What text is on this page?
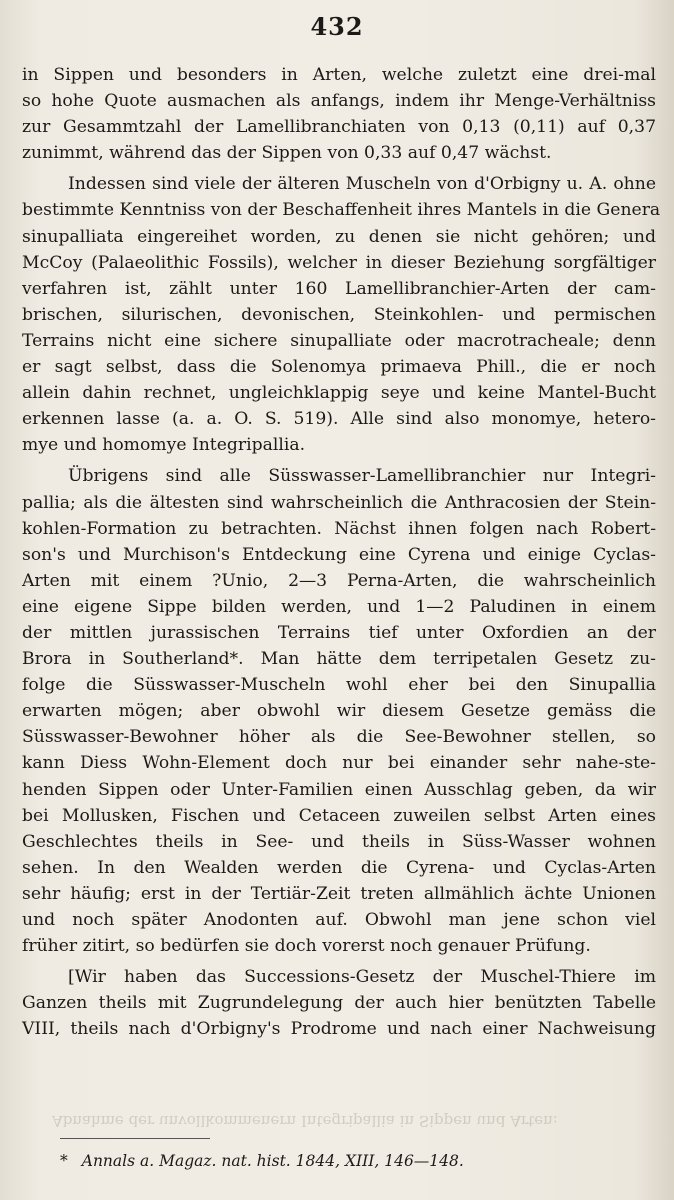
432

in Sippen und besonders in Arten, welche zuletzt eine drei-mal
so hohe Quote ausmachen als anfangs, indem ihr Menge-Verhältniss
zur Gesammtzahl der Lamellibranchiaten von 0,13 (0,11) auf 0,37
zunimmt, während das der Sippen von 0,33 auf 0,47 wächst.

Indessen sind viele der älteren Muscheln von d'Orbigny u. A. ohne
bestimmte Kenntniss von der Beschaffenheit ihres Mantels in die Genera
sinupalliata eingereihet worden, zu denen sie nicht gehören; und
McCoy (Palaeolithic Fossils), welcher in dieser Beziehung sorgfältiger
verfahren ist, zählt unter 160 Lamellibranchier-Arten der cam-
brischen, silurischen, devonischen, Steinkohlen- und permischen
Terrains nicht eine sichere sinupalliate oder macrotracheale; denn
er sagt selbst, dass die Solenomya primaeva Phill., die er noch
allein dahin rechnet, ungleichklappig seye und keine Mantel-Bucht
erkennen lasse (a. a. O. S. 519). Alle sind also monomye, hetero-
mye und homomye Integripallia.

Übrigens sind alle Süsswasser-Lamellibranchier nur Integri-
pallia; als die ältesten sind wahrscheinlich die Anthracosien der Stein-
kohlen-Formation zu betrachten. Nächst ihnen folgen nach Robert-
son's und Murchison's Entdeckung eine Cyrena und einige Cyclas-
Arten mit einem ?Unio, 2—3 Perna-Arten, die wahrscheinlich
eine eigene Sippe bilden werden, und 1—2 Paludinen in einem
der mittlen jurassischen Terrains tief unter Oxfordien an der
Brora in Southerland*. Man hätte dem terripetalen Gesetz zu-
folge die Süsswasser-Muscheln wohl eher bei den Sinupallia
erwarten mögen; aber obwohl wir diesem Gesetze gemäss die
Süsswasser-Bewohner höher als die See-Bewohner stellen, so
kann Diess Wohn-Element doch nur bei einander sehr nahe-ste-
henden Sippen oder Unter-Familien einen Ausschlag geben, da wir
bei Mollusken, Fischen und Cetaceen zuweilen selbst Arten eines
Geschlechtes theils in See- und theils in Süss-Wasser wohnen
sehen. In den Wealden werden die Cyrena- und Cyclas-Arten
sehr häufig; erst in der Tertiär-Zeit treten allmählich ächte Unionen
und noch später Anodonten auf. Obwohl man jene schon viel
früher zitirt, so bedürfen sie doch vorerst noch genauer Prüfung.

[Wir haben das Successions-Gesetz der Muschel-Thiere im
Ganzen theils mit Zugrundelegung der auch hier benützten Tabelle
VIII, theils nach d'Orbigny's Prodrome und nach einer Nachweisung

Abnahme der unvollkommenern Integripallia in Sippen und Arten:
* Annals a. Magaz. nat. hist. 1844, XIII, 146—148.
